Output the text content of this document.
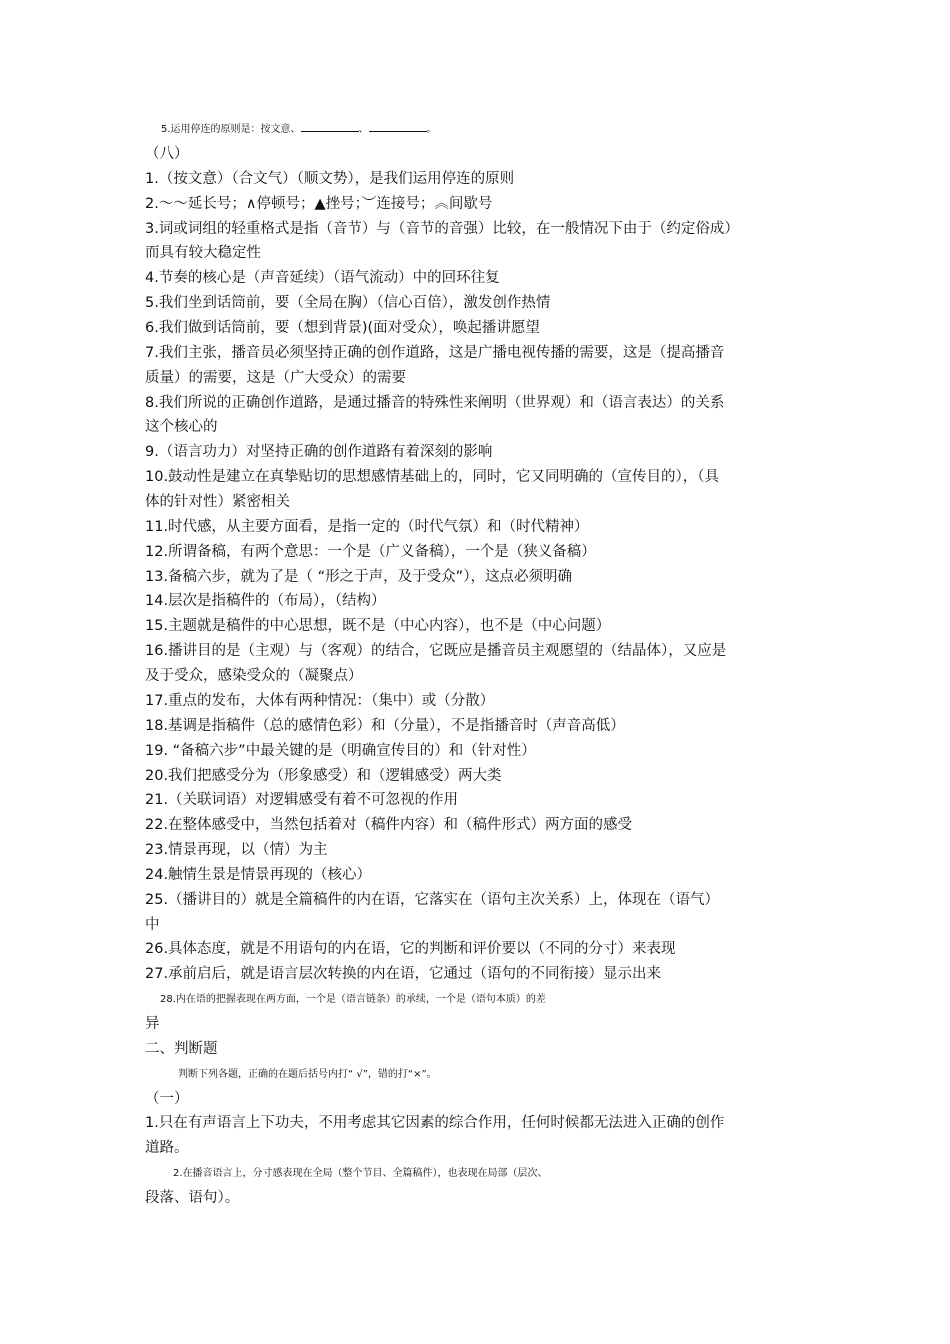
5.运用停连的原则是：按文意、	、	。
（八）
1.（按文意）（合文气）（顺文势），是我们运用停连的原则
2.～～延长号；∧停顿号；▲挫号；︶连接号；︽间歇号
3.词或词组的轻重格式是指（音节）与（音节的音强）比较，在一般情况下由于（约定俗成）
而具有较大稳定性
4.节奏的核心是（声音延续）（语气流动）中的回环往复
5.我们坐到话筒前，要（全局在胸）（信心百倍），激发创作热情
6.我们做到话筒前，要（想到背景)(面对受众），唤起播讲愿望
7.我们主张，播音员必须坚持正确的创作道路，这是广播电视传播的需要，这是（提高播音
质量）的需要，这是（广大受众）的需要
8.我们所说的正确创作道路，是通过播音的特殊性来阐明（世界观）和（语言表达）的关系
这个核心的
9.（语言功力）对坚持正确的创作道路有着深刻的影响
10.鼓动性是建立在真挚贴切的思想感情基础上的，同时，它又同明确的（宣传目的），（具
体的针对性）紧密相关
11.时代感，从主要方面看，是指一定的（时代气氛）和（时代精神）
12.所谓备稿，有两个意思：一个是（广义备稿），一个是（狭义备稿）
13.备稿六步，就为了是（ “形之于声，及于受众”），这点必须明确
14.层次是指稿件的（布局），（结构）
15.主题就是稿件的中心思想，既不是（中心内容），也不是（中心问题）
16.播讲目的是（主观）与（客观）的结合，它既应是播音员主观愿望的（结晶体），又应是
及于受众，感染受众的（凝聚点）
17.重点的发布，大体有两种情况：（集中）或（分散）
18.基调是指稿件（总的感情色彩）和（分量），不是指播音时（声音高低）
19. “备稿六步”中最关键的是（明确宣传目的）和（针对性）
20.我们把感受分为（形象感受）和（逻辑感受）两大类
21.（关联词语）对逻辑感受有着不可忽视的作用
22.在整体感受中，当然包括着对（稿件内容）和（稿件形式）两方面的感受
23.情景再现，以（情）为主
24.触情生景是情景再现的（核心）
25.（播讲目的）就是全篇稿件的内在语，它落实在（语句主次关系）上，体现在（语气）
中
26.具体态度，就是不用语句的内在语，它的判断和评价要以（不同的分寸）来表现
27.承前启后，就是语言层次转换的内在语，它通过（语句的不同衔接）显示出来
28.内在语的把握表现在两方面，一个是（语言链条）的承续，一个是（语句本质）的差
异
二、判断题
判断下列各题，正确的在题后括号内打“ √”，错的打“×”。
（一）
1.只在有声语言上下功夫，不用考虑其它因素的综合作用，任何时候都无法进入正确的创作
道路。
2.在播音语言上，分寸感表现在全局（整个节目、全篇稿件），也表现在局部（层次、
段落、语句）。
